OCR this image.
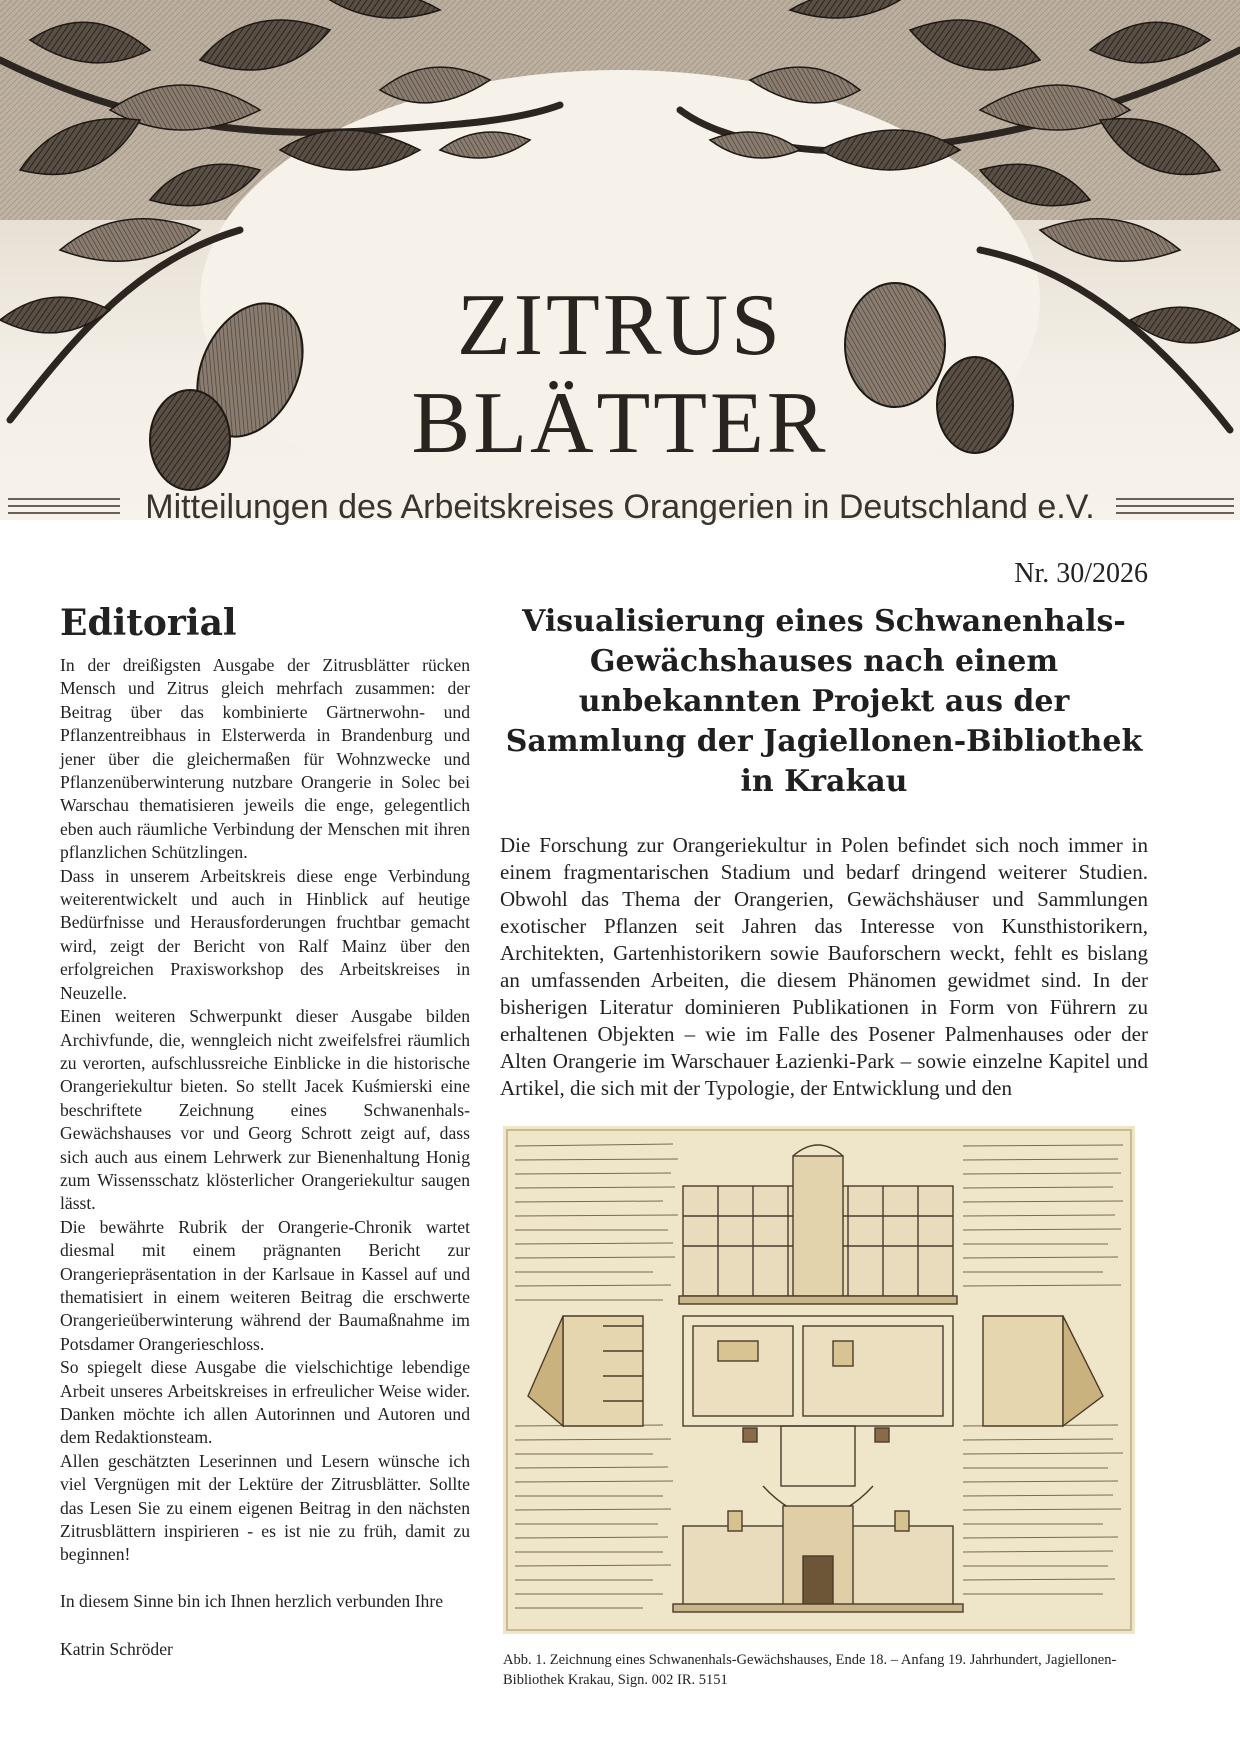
ZITRUS
BLÄTTER
Mitteilungen des Arbeitskreises Orangerien in Deutschland e.V.
Nr. 30/2026
Editorial

In der dreißigsten Ausgabe der Zitrusblätter rücken Mensch und Zitrus gleich mehrfach zusammen: der Beitrag über das kombinierte Gärtnerwohn- und Pflanzentreibhaus in Elsterwerda in Brandenburg und jener über die gleichermaßen für Wohnzwecke und Pflanzenüberwinterung nutzbare Orangerie in Solec bei Warschau thematisieren jeweils die enge, gelegentlich eben auch räumliche Verbindung der Menschen mit ihren pflanzlichen Schützlingen.

Dass in unserem Arbeitskreis diese enge Verbindung weiterentwickelt und auch in Hinblick auf heutige Bedürfnisse und Herausforderungen fruchtbar gemacht wird, zeigt der Bericht von Ralf Mainz über den erfolgreichen Praxisworkshop des Arbeitskreises in Neuzelle.

Einen weiteren Schwerpunkt dieser Ausgabe bilden Archivfunde, die, wenngleich nicht zweifelsfrei räumlich zu verorten, aufschlussreiche Einblicke in die historische Orangeriekultur bieten. So stellt Jacek Kuśmierski eine beschriftete Zeichnung eines Schwanenhals-Gewächshauses vor und Georg Schrott zeigt auf, dass sich auch aus einem Lehrwerk zur Bienenhaltung Honig zum Wissensschatz klösterlicher Orangeriekultur saugen lässt.

Die bewährte Rubrik der Orangerie-Chronik wartet diesmal mit einem prägnanten Bericht zur Orangeriepräsentation in der Karlsaue in Kassel auf und thematisiert in einem weiteren Beitrag die erschwerte Orangerieüberwinterung während der Baumaßnahme im Potsdamer Orangerieschloss.

So spiegelt diese Ausgabe die vielschichtige lebendige Arbeit unseres Arbeitskreises in erfreulicher Weise wider. Danken möchte ich allen Autorinnen und Autoren und dem Redaktionsteam.

Allen geschätzten Leserinnen und Lesern wünsche ich viel Vergnügen mit der Lektüre der Zitrusblätter. Sollte das Lesen Sie zu einem eigenen Beitrag in den nächsten Zitrusblättern inspirieren - es ist nie zu früh, damit zu beginnen!

In diesem Sinne bin ich Ihnen herzlich verbunden Ihre

Katrin Schröder
Visualisierung eines Schwanenhals-Gewächshauses nach einem unbekannten Projekt aus der Sammlung der Jagiellonen-Bibliothek in Krakau

Die Forschung zur Orangeriekultur in Polen befindet sich noch immer in einem fragmentarischen Stadium und bedarf dringend weiterer Studien. Obwohl das Thema der Orangerien, Gewächshäuser und Sammlungen exotischer Pflanzen seit Jahren das Interesse von Kunsthistorikern, Architekten, Gartenhistorikern sowie Bauforschern weckt, fehlt es bislang an umfassenden Arbeiten, die diesem Phänomen gewidmet sind. In der bisherigen Literatur dominieren Publikationen in Form von Führern zu erhaltenen Objekten – wie im Falle des Posener Palmenhauses oder der Alten Orangerie im Warschauer Łazienki-Park – sowie einzelne Kapitel und Artikel, die sich mit der Typologie, der Entwicklung und den

Abb. 1. Zeichnung eines Schwanenhals-Gewächshauses, Ende 18. – Anfang 19. Jahrhundert, Jagiellonen-Bibliothek Krakau, Sign. 002 IR. 5151
